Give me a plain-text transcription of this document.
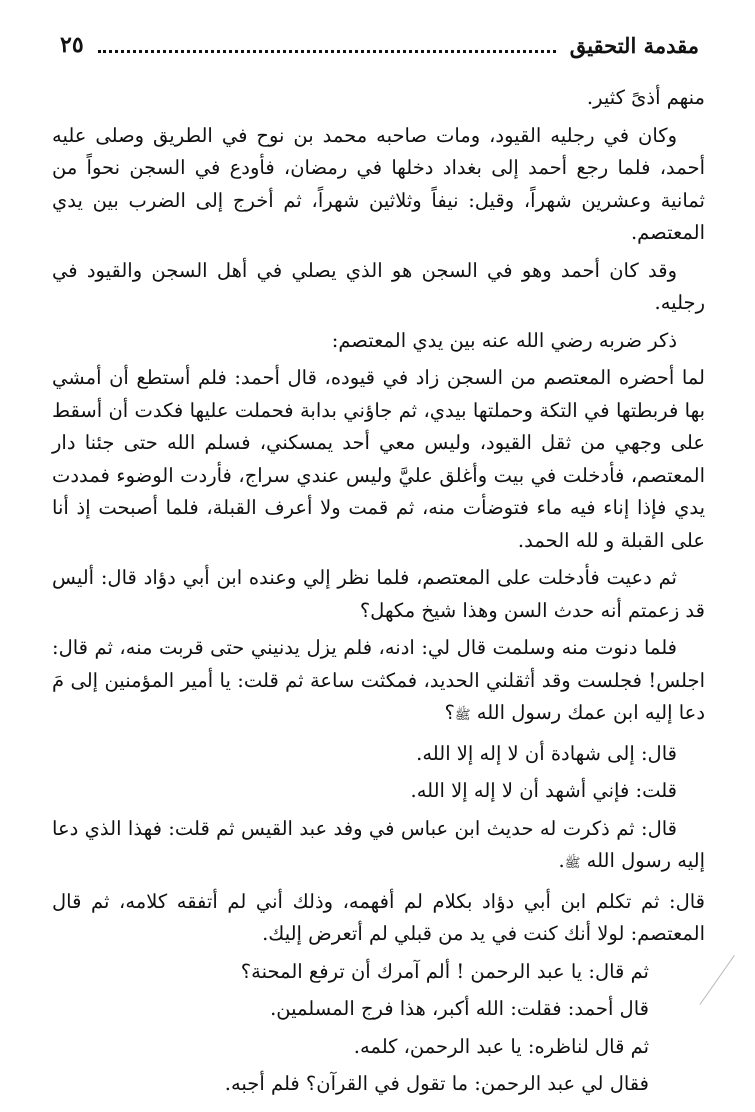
مقدمة التحقيق
٢٥

منهم أذىً كثير.

وكان في رجليه القيود، ومات صاحبه محمد بن نوح في الطريق وصلى عليه أحمد، فلما رجع أحمد إلى بغداد دخلها في رمضان، فأودع في السجن نحواً من ثمانية وعشرين شهراً، وقيل: نيفاً وثلاثين شهراً، ثم أخرج إلى الضرب بين يدي المعتصم.

وقد كان أحمد وهو في السجن هو الذي يصلي في أهل السجن والقيود في رجليه.

ذكر ضربه رضي الله عنه بين يدي المعتصم:

لما أحضره المعتصم من السجن زاد في قيوده، قال أحمد: فلم أستطع أن أمشي بها فربطتها في التكة وحملتها بيدي، ثم جاؤني بدابة فحملت عليها فكدت أن أسقط على وجهي من ثقل القيود، وليس معي أحد يمسكني، فسلم الله حتى جئنا دار المعتصم، فأدخلت في بيت وأغلق عليَّ وليس عندي سراج، فأردت الوضوء فمددت يدي فإذا إناء فيه ماء فتوضأت منه، ثم قمت ولا أعرف القبلة، فلما أصبحت إذ أنا على القبلة و لله الحمد.

ثم دعيت فأدخلت على المعتصم، فلما نظر إلي وعنده ابن أبي دؤاد قال: أليس قد زعمتم أنه حدث السن وهذا شيخ مكهل؟

فلما دنوت منه وسلمت قال لي: ادنه، فلم يزل يدنيني حتى قربت منه، ثم قال: اجلس! فجلست وقد أثقلني الحديد، فمكثت ساعة ثم قلت: يا أمير المؤمنين إلى مَ دعا إليه ابن عمك رسول الله ﷺ؟

قال: إلى شهادة أن لا إله إلا الله.

قلت: فإني أشهد أن لا إله إلا الله.

قال: ثم ذكرت له حديث ابن عباس في وفد عبد القيس ثم قلت: فهذا الذي دعا إليه رسول الله ﷺ.

قال: ثم تكلم ابن أبي دؤاد بكلام لم أفهمه، وذلك أني لم أتفقه كلامه، ثم قال المعتصم: لولا أنك كنت في يد من قبلي لم أتعرض إليك.

ثم قال: يا عبد الرحمن ! ألم آمرك أن ترفع المحنة؟

قال أحمد: فقلت: الله أكبر، هذا فرج المسلمين.

ثم قال لناظره: يا عبد الرحمن، كلمه.

فقال لي عبد الرحمن: ما تقول في القرآن؟ فلم أجبه.
